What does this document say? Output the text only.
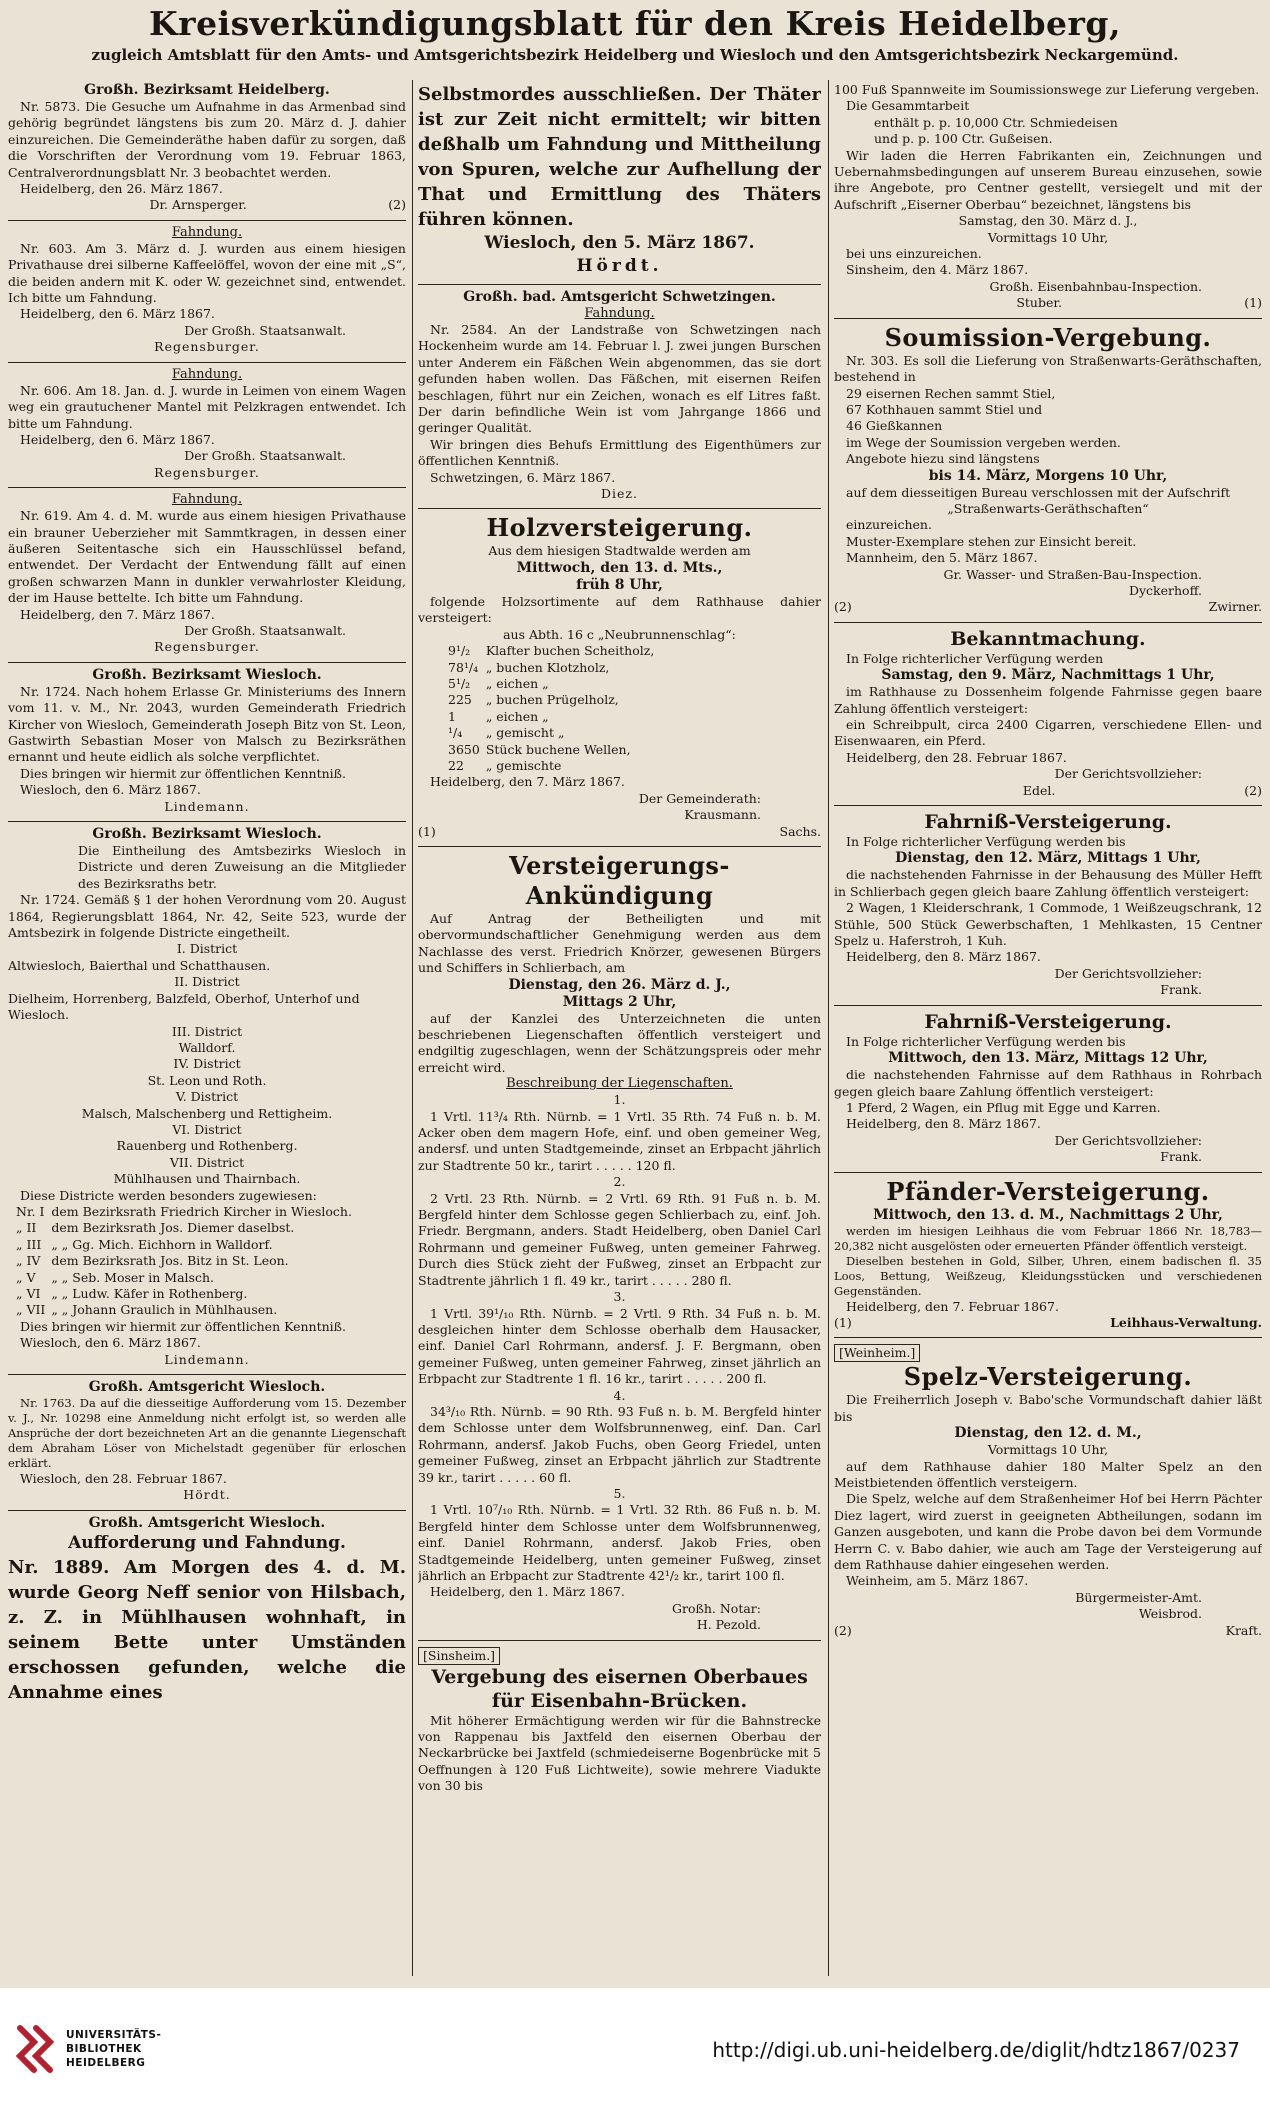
Kreisverkündigungsblatt für den Kreis Heidelberg,
zugleich Amtsblatt für den Amts- und Amtsgerichtsbezirk Heidelberg und Wiesloch und den Amtsgerichtsbezirk Neckargemünd.
Großh. Bezirksamt Heidelberg.
Nr. 5873. Die Gesuche um Aufnahme in das Armenbad sind gehörig begründet längstens bis zum 20. März d. J. dahier einzureichen. Die Gemeinderäthe haben dafür zu sorgen, daß die Vorschriften der Verordnung vom 19. Februar 1863, Centralverordnungsblatt Nr. 3 beobachtet werden.
Heidelberg, den 26. März 1867.
Dr. Arnsperger.	(2)
Fahndung.
Nr. 603. Am 3. März d. J. wurden aus einem hiesigen Privathause drei silberne Kaffeelöffel, wovon der eine mit „S“, die beiden andern mit K. oder W. gezeichnet sind, entwendet. Ich bitte um Fahndung.
Heidelberg, den 6. März 1867.
Der Großh. Staatsanwalt.
Regensburger.
Fahndung.
Nr. 606. Am 18. Jan. d. J. wurde in Leimen von einem Wagen weg ein grautuchener Mantel mit Pelzkragen entwendet. Ich bitte um Fahndung.
Heidelberg, den 6. März 1867.
Der Großh. Staatsanwalt.
Regensburger.
Fahndung.
Nr. 619. Am 4. d. M. wurde aus einem hiesigen Privathause ein brauner Ueberzieher mit Sammtkragen, in dessen einer äußeren Seitentasche sich ein Hausschlüssel befand, entwendet. Der Verdacht der Entwendung fällt auf einen großen schwarzen Mann in dunkler verwahrloster Kleidung, der im Hause bettelte. Ich bitte um Fahndung.
Heidelberg, den 7. März 1867.
Der Großh. Staatsanwalt.
Regensburger.
Großh. Bezirksamt Wiesloch.
Nr. 1724. Nach hohem Erlasse Gr. Ministeriums des Innern vom 11. v. M., Nr. 2043, wurden Gemeinderath Friedrich Kircher von Wiesloch, Gemeinderath Joseph Bitz von St. Leon, Gastwirth Sebastian Moser von Malsch zu Bezirksräthen ernannt und heute eidlich als solche verpflichtet.
Dies bringen wir hiermit zur öffentlichen Kenntniß.
Wiesloch, den 6. März 1867.
Lindemann.
Großh. Bezirksamt Wiesloch.
Die Eintheilung des Amtsbezirks Wiesloch in Districte und deren Zuweisung an die Mitglieder des Bezirksraths betr.
Nr. 1724. Gemäß § 1 der hohen Verordnung vom 20. August 1864, Regierungsblatt 1864, Nr. 42, Seite 523, wurde der Amtsbezirk in folgende Districte eingetheilt.
I. District
Altwiesloch, Baierthal und Schatthausen.
II. District
Dielheim, Horrenberg, Balzfeld, Oberhof, Unterhof und Wiesloch.
III. District
Walldorf.
IV. District
St. Leon und Roth.
V. District
Malsch, Malschenberg und Rettigheim.
VI. District
Rauenberg und Rothenberg.
VII. District
Mühlhausen und Thairnbach.
Diese Districte werden besonders zugewiesen:
Nr. I	dem Bezirksrath Friedrich Kircher in Wiesloch.
„ II	dem Bezirksrath Jos. Diemer daselbst.
„ III	„ „ Gg. Mich. Eichhorn in Walldorf.
„ IV	dem Bezirksrath Jos. Bitz in St. Leon.
„ V	„ „ Seb. Moser in Malsch.
„ VI	„ „ Ludw. Käfer in Rothenberg.
„ VII	„ „ Johann Graulich in Mühlhausen.
Dies bringen wir hiermit zur öffentlichen Kenntniß.
Wiesloch, den 6. März 1867.
Lindemann.
Großh. Amtsgericht Wiesloch.
Nr. 1763. Da auf die diesseitige Aufforderung vom 15. Dezember v. J., Nr. 10298 eine Anmeldung nicht erfolgt ist, so werden alle Ansprüche der dort bezeichneten Art an die genannte Liegenschaft dem Abraham Löser von Michelstadt gegenüber für erloschen erklärt.
Wiesloch, den 28. Februar 1867.
Hördt.
Großh. Amtsgericht Wiesloch.
Aufforderung und Fahndung.
Nr. 1889. Am Morgen des 4. d. M. wurde Georg Neff senior von Hilsbach, z. Z. in Mühlhausen wohnhaft, in seinem Bette unter Umständen erschossen gefunden, welche die Annahme eines
Selbstmordes ausschließen. Der Thäter ist zur Zeit nicht ermittelt; wir bitten deßhalb um Fahndung und Mittheilung von Spuren, welche zur Aufhellung der That und Ermittlung des Thäters führen können.
Wiesloch, den 5. März 1867.
Hördt.
Großh. bad. Amtsgericht Schwetzingen.
Fahndung.
Nr. 2584. An der Landstraße von Schwetzingen nach Hockenheim wurde am 14. Februar l. J. zwei jungen Burschen unter Anderem ein Fäßchen Wein abgenommen, das sie dort gefunden haben wollen. Das Fäßchen, mit eisernen Reifen beschlagen, führt nur ein Zeichen, wonach es elf Litres faßt. Der darin befindliche Wein ist vom Jahrgange 1866 und geringer Qualität.
Wir bringen dies Behufs Ermittlung des Eigenthümers zur öffentlichen Kenntniß.
Schwetzingen, 6. März 1867.
Diez.
Holzversteigerung.
Aus dem hiesigen Stadtwalde werden am
Mittwoch, den 13. d. Mts.,
früh 8 Uhr,
folgende Holzsortimente auf dem Rathhause dahier versteigert:
aus Abth. 16 c „Neubrunnenschlag“:
9¹/₂	Klafter buchen Scheitholz,
78¹/₄	„ buchen Klotzholz,
5¹/₂	„ eichen „
225	„ buchen Prügelholz,
1	„ eichen „
¹/₄	„ gemischt „
3650	Stück buchene Wellen,
22	„ gemischte
Heidelberg, den 7. März 1867.
Der Gemeinderath:
Krausmann.
(1)	Sachs.
Versteigerungs-Ankündigung
Auf Antrag der Betheiligten und mit obervormundschaftlicher Genehmigung werden aus dem Nachlasse des verst. Friedrich Knörzer, gewesenen Bürgers und Schiffers in Schlierbach, am
Dienstag, den 26. März d. J.,
Mittags 2 Uhr,
auf der Kanzlei des Unterzeichneten die unten beschriebenen Liegenschaften öffentlich versteigert und endgiltig zugeschlagen, wenn der Schätzungspreis oder mehr erreicht wird.
Beschreibung der Liegenschaften.
1.
1 Vrtl. 11³/₄ Rth. Nürnb. = 1 Vrtl. 35 Rth. 74 Fuß n. b. M. Acker oben dem magern Hofe, einf. und oben gemeiner Weg, andersf. und unten Stadtgemeinde, zinset an Erbpacht jährlich zur Stadtrente 50 kr., tarirt . . . . . 120 fl.
2.
2 Vrtl. 23 Rth. Nürnb. = 2 Vrtl. 69 Rth. 91 Fuß n. b. M. Bergfeld hinter dem Schlosse gegen Schlierbach zu, einf. Joh. Friedr. Bergmann, anders. Stadt Heidelberg, oben Daniel Carl Rohrmann und gemeiner Fußweg, unten gemeiner Fahrweg. Durch dies Stück zieht der Fußweg, zinset an Erbpacht zur Stadtrente jährlich 1 fl. 49 kr., tarirt . . . . . 280 fl.
3.
1 Vrtl. 39¹/₁₀ Rth. Nürnb. = 2 Vrtl. 9 Rth. 34 Fuß n. b. M. desgleichen hinter dem Schlosse oberhalb dem Hausacker, einf. Daniel Carl Rohrmann, andersf. J. F. Bergmann, oben gemeiner Fußweg, unten gemeiner Fahrweg, zinset jährlich an Erbpacht zur Stadtrente 1 fl. 16 kr., tarirt . . . . . 200 fl.
4.
34³/₁₀ Rth. Nürnb. = 90 Rth. 93 Fuß n. b. M. Bergfeld hinter dem Schlosse unter dem Wolfsbrunnenweg, einf. Dan. Carl Rohrmann, andersf. Jakob Fuchs, oben Georg Friedel, unten gemeiner Fußweg, zinset an Erbpacht jährlich zur Stadtrente 39 kr., tarirt . . . . . 60 fl.
5.
1 Vrtl. 10⁷/₁₀ Rth. Nürnb. = 1 Vrtl. 32 Rth. 86 Fuß n. b. M. Bergfeld hinter dem Schlosse unter dem Wolfsbrunnenweg, einf. Daniel Rohrmann, andersf. Jakob Fries, oben Stadtgemeinde Heidelberg, unten gemeiner Fußweg, zinset jährlich an Erbpacht zur Stadtrente 42¹/₂ kr., tarirt 100 fl.
Heidelberg, den 1. März 1867.
Großh. Notar:
H. Pezold.
[Sinsheim.]
Vergebung des eisernen Oberbaues für Eisenbahn-Brücken.
Mit höherer Ermächtigung werden wir für die Bahnstrecke von Rappenau bis Jaxtfeld den eisernen Oberbau der Neckarbrücke bei Jaxtfeld (schmiedeiserne Bogenbrücke mit 5 Oeffnungen à 120 Fuß Lichtweite), sowie mehrere Viadukte von 30 bis
100 Fuß Spannweite im Soumissionswege zur Lieferung vergeben.
Die Gesammtarbeit
enthält p. p. 10,000 Ctr. Schmiedeisen
und p. p. 100 Ctr. Gußeisen.
Wir laden die Herren Fabrikanten ein, Zeichnungen und Uebernahmsbedingungen auf unserem Bureau einzusehen, sowie ihre Angebote, pro Centner gestellt, versiegelt und mit der Aufschrift „Eiserner Oberbau“ bezeichnet, längstens bis
Samstag, den 30. März d. J.,
Vormittags 10 Uhr,
bei uns einzureichen.
Sinsheim, den 4. März 1867.
Großh. Eisenbahnbau-Inspection.
Stuber.	(1)
Soumission-Vergebung.
Nr. 303. Es soll die Lieferung von Straßenwarts-Geräthschaften, bestehend in
29 eisernen Rechen sammt Stiel,
67 Kothhauen sammt Stiel und
46 Gießkannen
im Wege der Soumission vergeben werden.
Angebote hiezu sind längstens
bis 14. März, Morgens 10 Uhr,
auf dem diesseitigen Bureau verschlossen mit der Aufschrift
„Straßenwarts-Geräthschaften“
einzureichen.
Muster-Exemplare stehen zur Einsicht bereit.
Mannheim, den 5. März 1867.
Gr. Wasser- und Straßen-Bau-Inspection.
Dyckerhoff.
(2)	Zwirner.
Bekanntmachung.
In Folge richterlicher Verfügung werden
Samstag, den 9. März, Nachmittags 1 Uhr,
im Rathhause zu Dossenheim folgende Fahrnisse gegen baare Zahlung öffentlich versteigert:
ein Schreibpult, circa 2400 Cigarren, verschiedene Ellen- und Eisenwaaren, ein Pferd.
Heidelberg, den 28. Februar 1867.
Der Gerichtsvollzieher:
Edel.	(2)
Fahrniß-Versteigerung.
In Folge richterlicher Verfügung werden bis
Dienstag, den 12. März, Mittags 1 Uhr,
die nachstehenden Fahrnisse in der Behausung des Müller Hefft in Schlierbach gegen gleich baare Zahlung öffentlich versteigert:
2 Wagen, 1 Kleiderschrank, 1 Commode, 1 Weißzeugschrank, 12 Stühle, 500 Stück Gewerbschaften, 1 Mehlkasten, 15 Centner Spelz u. Haferstroh, 1 Kuh.
Heidelberg, den 8. März 1867.
Der Gerichtsvollzieher:
Frank.
Fahrniß-Versteigerung.
In Folge richterlicher Verfügung werden bis
Mittwoch, den 13. März, Mittags 12 Uhr,
die nachstehenden Fahrnisse auf dem Rathhaus in Rohrbach gegen gleich baare Zahlung öffentlich versteigert:
1 Pferd, 2 Wagen, ein Pflug mit Egge und Karren.
Heidelberg, den 8. März 1867.
Der Gerichtsvollzieher:
Frank.
Pfänder-Versteigerung.
Mittwoch, den 13. d. M., Nachmittags 2 Uhr,
werden im hiesigen Leihhaus die vom Februar 1866 Nr. 18,783—20,382 nicht ausgelösten oder erneuerten Pfänder öffentlich versteigt.
Dieselben bestehen in Gold, Silber, Uhren, einem badischen fl. 35 Loos, Bettung, Weißzeug, Kleidungsstücken und verschiedenen Gegenständen.
Heidelberg, den 7. Februar 1867.
(1)	Leihhaus-Verwaltung.
[Weinheim.]
Spelz-Versteigerung.
Die Freiherrlich Joseph v. Babo'sche Vormundschaft dahier läßt bis
Dienstag, den 12. d. M.,
Vormittags 10 Uhr,
auf dem Rathhause dahier 180 Malter Spelz an den Meistbietenden öffentlich versteigern.
Die Spelz, welche auf dem Straßenheimer Hof bei Herrn Pächter Diez lagert, wird zuerst in geeigneten Abtheilungen, sodann im Ganzen ausgeboten, und kann die Probe davon bei dem Vormunde Herrn C. v. Babo dahier, wie auch am Tage der Versteigerung auf dem Rathhause dahier eingesehen werden.
Weinheim, am 5. März 1867.
Bürgermeister-Amt.
Weisbrod.
(2)	Kraft.
UNIVERSITÄTS-
BIBLIOTHEK
HEIDELBERG
http://digi.ub.uni-heidelberg.de/diglit/hdtz1867/0237
